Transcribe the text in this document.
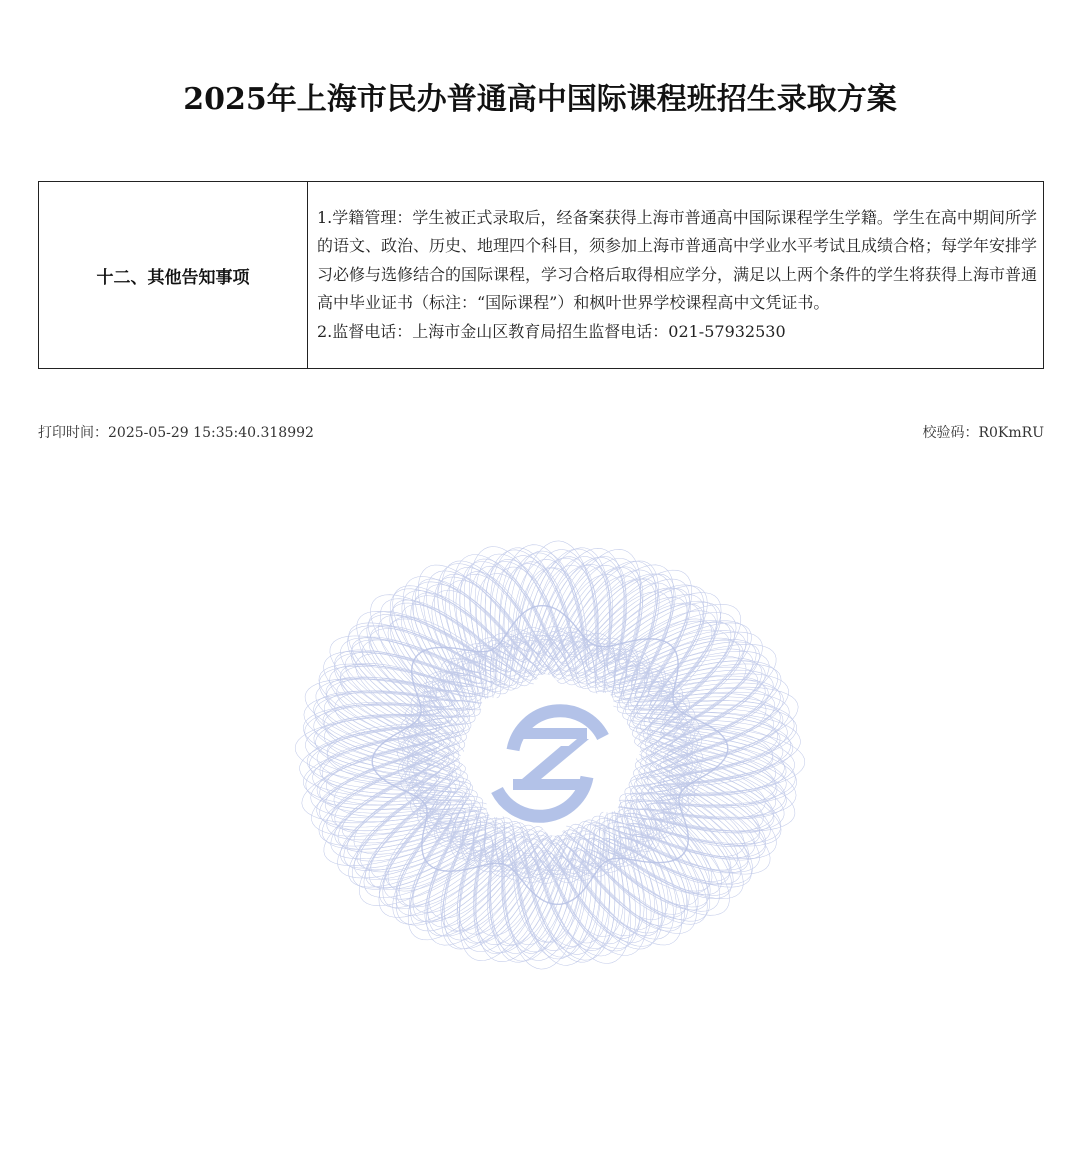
2025年上海市民办普通高中国际课程班招生录取方案
十二、其他告知事项	

1.学籍管理：学生被正式录取后，经备案获得上海市普通高中国际课程学生学籍。学生在高中期间所学的语文、政治、历史、地理四个科目，须参加上海市普通高中学业水平考试且成绩合格；每学年安排学习必修与选修结合的国际课程，学习合格后取得相应学分，满足以上两个条件的学生将获得上海市普通高中毕业证书（标注：“国际课程”）和枫叶世界学校课程高中文凭证书。

2.监督电话：上海市金山区教育局招生监督电话：021-57932530

打印时间：2025-05-29 15:35:40.318992	校验码：R0KmRU
